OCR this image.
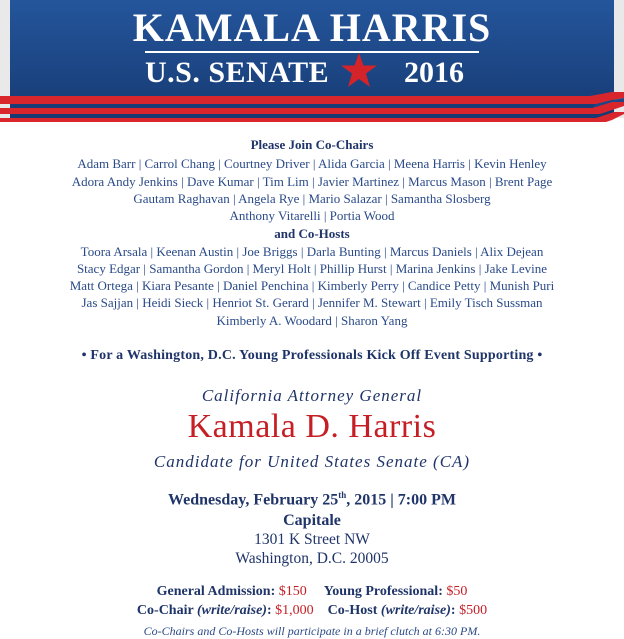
KAMALA HARRIS
U.S. SENATE 2016
Please Join Co-Chairs
Adam Barr | Carrol Chang | Courtney Driver | Alida Garcia | Meena Harris | Kevin Henley
Adora Andy Jenkins | Dave Kumar | Tim Lim | Javier Martinez | Marcus Mason | Brent Page
Gautam Raghavan | Angela Rye | Mario Salazar | Samantha Slosberg
Anthony Vitarelli | Portia Wood
and Co-Hosts
Toora Arsala | Keenan Austin | Joe Briggs | Darla Bunting | Marcus Daniels | Alix Dejean
Stacy Edgar | Samantha Gordon | Meryl Holt | Phillip Hurst | Marina Jenkins | Jake Levine
Matt Ortega | Kiara Pesante | Daniel Penchina | Kimberly Perry | Candice Petty | Munish Puri
Jas Sajjan | Heidi Sieck | Henriot St. Gerard | Jennifer M. Stewart | Emily Tisch Sussman
Kimberly A. Woodard | Sharon Yang
• For a Washington, D.C. Young Professionals Kick Off Event Supporting •
California Attorney General
Kamala D. Harris
Candidate for United States Senate (CA)
Wednesday, February 25th, 2015 | 7:00 PM
Capitale
1301 K Street NW
Washington, D.C. 20005
General Admission: $150 Young Professional: $50
Co-Chair (write/raise): $1,000 Co-Host (write/raise): $500
Co-Chairs and Co-Hosts will participate in a brief clutch at 6:30 PM.
